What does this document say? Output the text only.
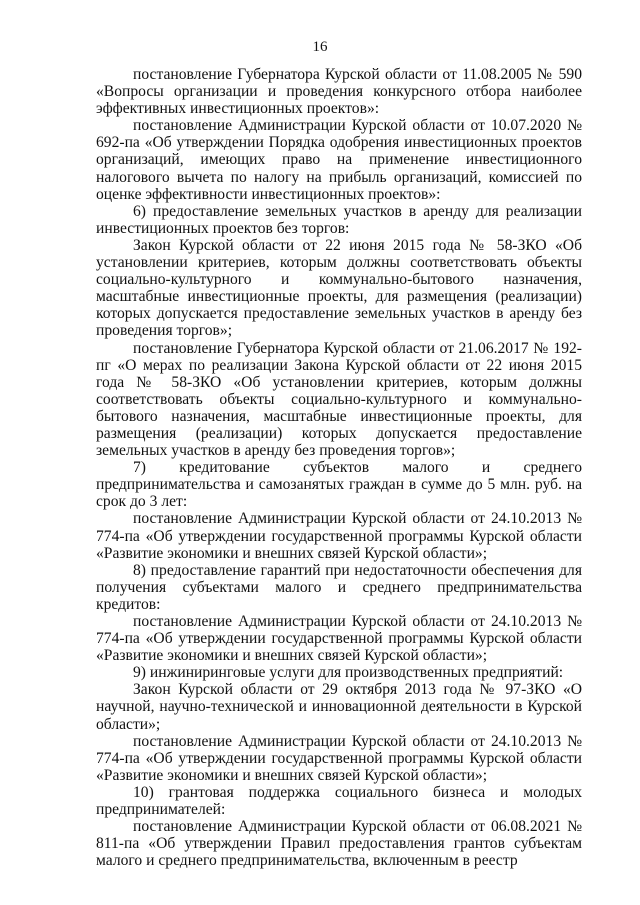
16

постановление Губернатора Курской области от 11.08.2005 № 590 «Вопросы организации и проведения конкурсного отбора наиболее эффективных инвестиционных проектов»:

постановление Администрации Курской области от 10.07.2020 № 692-па «Об утверждении Порядка одобрения инвестиционных проектов организаций, имеющих право на применение инвестиционного налогового вычета по налогу на прибыль организаций, комиссией по оценке эффективности инвестиционных проектов»:

6) предоставление земельных участков в аренду для реализации инвестиционных проектов без торгов:

Закон Курской области от 22 июня 2015 года № 58-ЗКО «Об установлении критериев, которым должны соответствовать объекты социально-культурного и коммунально-бытового назначения, масштабные инвестиционные проекты, для размещения (реализации) которых допускается предоставление земельных участков в аренду без проведения торгов»;

постановление Губернатора Курской области от 21.06.2017 № 192-пг «О мерах по реализации Закона Курской области от 22 июня 2015 года № 58-ЗКО «Об установлении критериев, которым должны соответствовать объекты социально-культурного и коммунально-бытового назначения, масштабные инвестиционные проекты, для размещения (реализации) которых допускается предоставление земельных участков в аренду без проведения торгов»;

7) кредитование субъектов малого и среднего предпринимательства и самозанятых граждан в сумме до 5 млн. руб. на срок до 3 лет:

постановление Администрации Курской области от 24.10.2013 № 774-па «Об утверждении государственной программы Курской области «Развитие экономики и внешних связей Курской области»;

8) предоставление гарантий при недостаточности обеспечения для получения субъектами малого и среднего предпринимательства кредитов:

постановление Администрации Курской области от 24.10.2013 № 774-па «Об утверждении государственной программы Курской области «Развитие экономики и внешних связей Курской области»;

9) инжиниринговые услуги для производственных предприятий:

Закон Курской области от 29 октября 2013 года № 97-ЗКО «О научной, научно-технической и инновационной деятельности в Курской области»;

постановление Администрации Курской области от 24.10.2013 № 774-па «Об утверждении государственной программы Курской области «Развитие экономики и внешних связей Курской области»;

10) грантовая поддержка социального бизнеса и молодых предпринимателей:

постановление Администрации Курской области от 06.08.2021 № 811-па «Об утверждении Правил предоставления грантов субъектам малого и среднего предпринимательства, включенным в реестр
